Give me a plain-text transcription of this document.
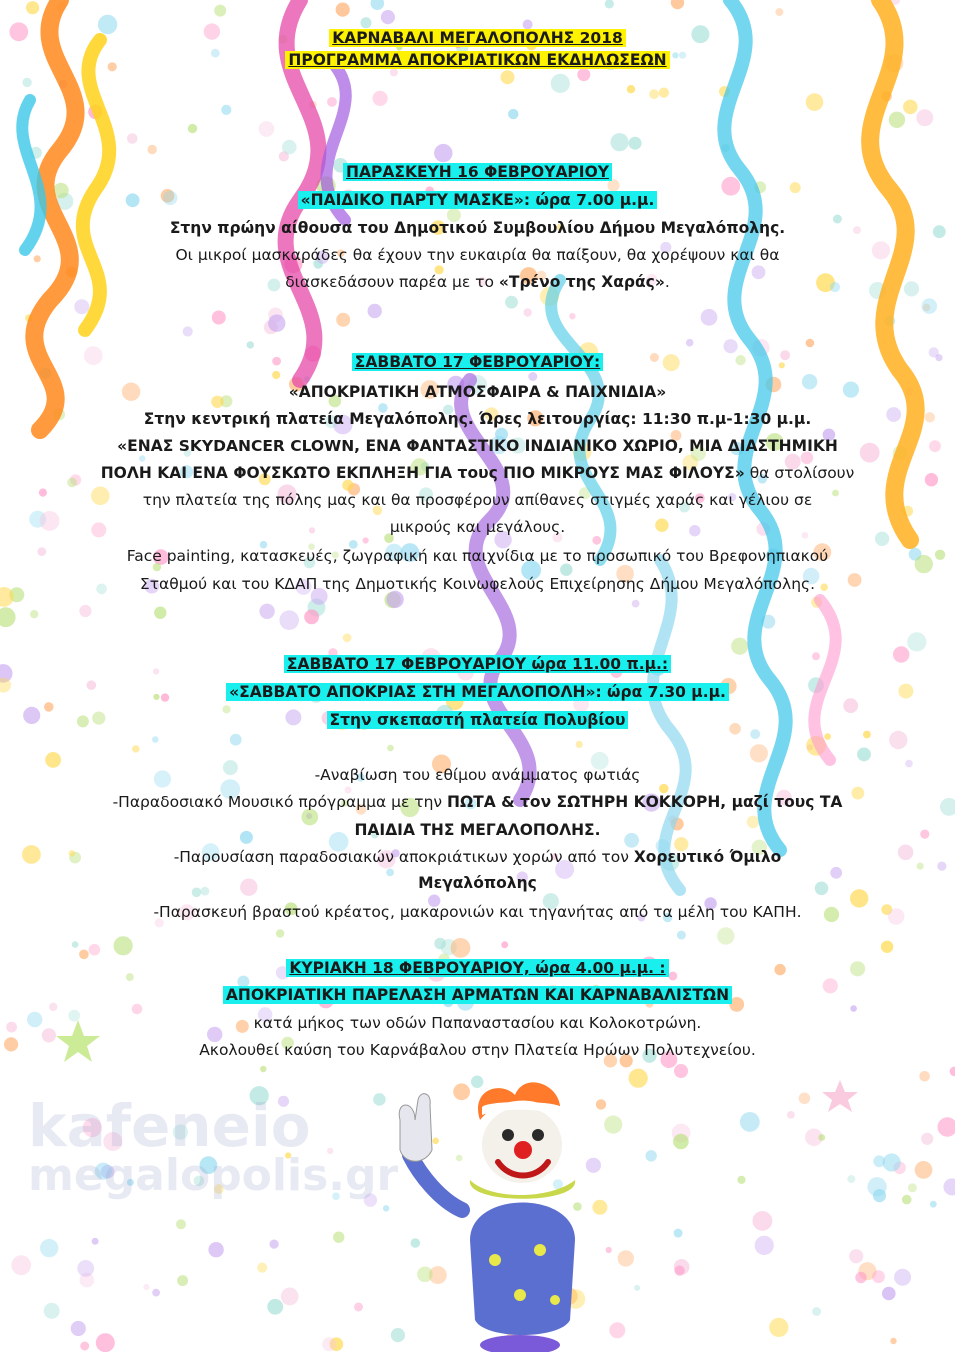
kafeneio
megalopolis.gr
ΚΑΡΝΑΒΑΛΙ ΜΕΓΑΛΟΠΟΛΗΣ 2018
ΠΡΟΓΡΑΜΜΑ ΑΠΟΚΡΙΑΤΙΚΩΝ ΕΚΔΗΛΩΣΕΩΝ
ΠΑΡΑΣΚΕΥΗ 16 ΦΕΒΡΟΥΑΡΙΟΥ
«ΠΑΙΔΙΚΟ ΠΑΡΤΥ ΜΑΣΚΕ»: ώρα 7.00 μ.μ.
Στην πρώην αίθουσα του Δημοτικού Συμβουλίου Δήμου Μεγαλόπολης.
Οι μικροί μασκαράδες θα έχουν την ευκαιρία θα παίξουν, θα χορέψουν και θα
διασκεδάσουν παρέα με το «Τρένο της Χαράς».
ΣΑΒΒΑΤΟ 17 ΦΕΒΡΟΥΑΡΙΟΥ:
«ΑΠΟΚΡΙΑΤΙΚΗ ΑΤΜΟΣΦΑΙΡΑ & ΠΑΙΧΝΙΔΙΑ»
Στην κεντρική πλατεία Μεγαλόπολης. Ώρες λειτουργίας: 11:30 π.μ-1:30 μ.μ.
«ΕΝΑΣ SKYDANCER CLOWN, ΕΝΑ ΦΑΝΤΑΣΤΙΚΟ ΙΝΔΙΑΝΙΚΟ ΧΩΡΙΟ, ΜΙΑ ΔΙΑΣΤΗΜΙΚΗ
ΠΟΛΗ ΚΑΙ ΕΝΑ ΦΟΥΣΚΩΤΟ ΕΚΠΛΗΞΗ ΓΙΑ τους ΠΙΟ ΜΙΚΡΟΥΣ ΜΑΣ ΦΙΛΟΥΣ» θα στολίσουν
την πλατεία της πόλης μας και θα προσφέρουν απίθανες στιγμές χαράς και γέλιου σε
μικρούς και μεγάλους.
Face painting, κατασκευές, ζωγραφική και παιχνίδια με το προσωπικό του Βρεφονηπιακού
Σταθμού και του ΚΔΑΠ της Δημοτικής Κοινωφελούς Επιχείρησης Δήμου Μεγαλόπολης.
ΣΑΒΒΑΤΟ 17 ΦΕΒΡΟΥΑΡΙΟΥ ώρα 11.00 π.μ.:
«ΣΑΒΒΑΤΟ ΑΠΟΚΡΙΑΣ ΣΤΗ ΜΕΓΑΛΟΠΟΛΗ»: ώρα 7.30 μ.μ.
Στην σκεπαστή πλατεία Πολυβίου
-Αναβίωση του εθίμου ανάμματος φωτιάς
-Παραδοσιακό Μουσικό πρόγραμμα με την ΠΩΤΑ & τον ΣΩΤΗΡΗ ΚΟΚΚΟΡΗ, μαζί τους ΤΑ
ΠΑΙΔΙΑ ΤΗΣ ΜΕΓΑΛΟΠΟΛΗΣ.
-Παρουσίαση παραδοσιακών αποκριάτικων χορών από τον Χορευτικό Όμιλο
Μεγαλόπολης
-Παρασκευή βραστού κρέατος, μακαρονιών και τηγανήτας από τα μέλη του ΚΑΠΗ.
ΚΥΡΙΑΚΗ 18 ΦΕΒΡΟΥΑΡΙΟΥ, ώρα 4.00 μ.μ. :
ΑΠΟΚΡΙΑΤΙΚΗ ΠΑΡΕΛΑΣΗ ΑΡΜΑΤΩΝ ΚΑΙ ΚΑΡΝΑΒΑΛΙΣΤΩΝ
κατά μήκος των οδών Παπαναστασίου και Κολοκοτρώνη.
Ακολουθεί καύση του Καρνάβαλου στην Πλατεία Ηρώων Πολυτεχνείου.
